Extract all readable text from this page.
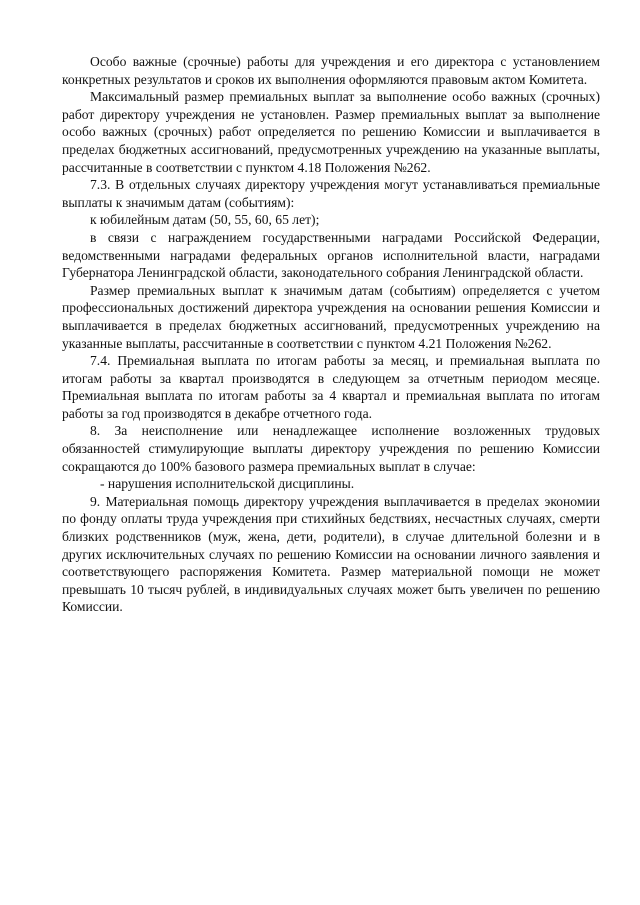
Особо важные (срочные) работы для учреждения и его директора с установлением конкретных результатов и сроков их выполнения оформляются правовым актом Комитета.

Максимальный размер премиальных выплат за выполнение особо важных (срочных) работ директору учреждения не установлен. Размер премиальных выплат за выполнение особо важных (срочных) работ определяется по решению Комиссии и выплачивается в пределах бюджетных ассигнований, предусмотренных учреждению на указанные выплаты, рассчитанные в соответствии с пунктом 4.18 Положения №262.

7.3. В отдельных случаях директору учреждения могут устанавливаться премиальные выплаты к значимым датам (событиям):

к юбилейным датам (50, 55, 60, 65 лет);

в связи с награждением государственными наградами Российской Федерации, ведомственными наградами федеральных органов исполнительной власти, наградами Губернатора Ленинградской области, законодательного собрания Ленинградской области.

Размер премиальных выплат к значимым датам (событиям) определяется с учетом профессиональных достижений директора учреждения на основании решения Комиссии и выплачивается в пределах бюджетных ассигнований, предусмотренных учреждению на указанные выплаты, рассчитанные в соответствии с пунктом 4.21 Положения №262.

7.4. Премиальная выплата по итогам работы за месяц, и премиальная выплата по итогам работы за квартал производятся в следующем за отчетным периодом месяце. Премиальная выплата по итогам работы за 4 квартал и премиальная выплата по итогам работы за год производятся в декабре отчетного года.

8. За неисполнение или ненадлежащее исполнение возложенных трудовых обязанностей стимулирующие выплаты директору учреждения по решению Комиссии сокращаются до 100% базового размера премиальных выплат в случае:

- нарушения исполнительской дисциплины.

9. Материальная помощь директору учреждения выплачивается в пределах экономии по фонду оплаты труда учреждения при стихийных бедствиях, несчастных случаях, смерти близких родственников (муж, жена, дети, родители), в случае длительной болезни и в других исключительных случаях по решению Комиссии на основании личного заявления и соответствующего распоряжения Комитета. Размер материальной помощи не может превышать 10 тысяч рублей, в индивидуальных случаях может быть увеличен по решению Комиссии.
